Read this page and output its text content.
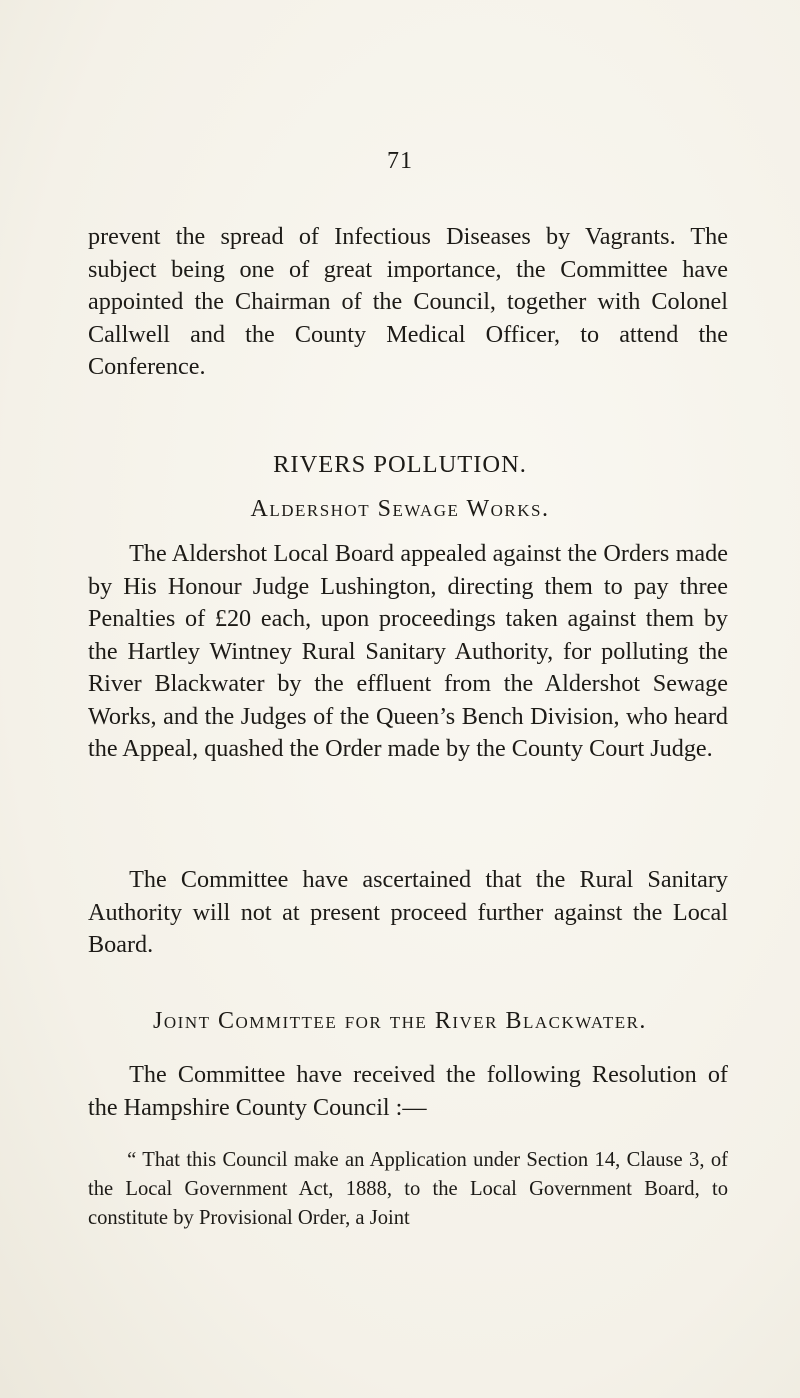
71
prevent the spread of Infectious Diseases by Vagrants. The subject being one of great importance, the Committee have appointed the Chairman of the Council, together with Colonel Callwell and the County Medical Officer, to attend the Conference.
RIVERS POLLUTION.
Aldershot Sewage Works.
The Aldershot Local Board appealed against the Orders made by His Honour Judge Lushington, directing them to pay three Penalties of £20 each, upon proceedings taken against them by the Hartley Wintney Rural Sanitary Authority, for polluting the River Blackwater by the effluent from the Aldershot Sewage Works, and the Judges of the Queen’s Bench Division, who heard the Appeal, quashed the Order made by the County Court Judge.
The Committee have ascertained that the Rural Sanitary Authority will not at present proceed further against the Local Board.
Joint Committee for the River Blackwater.
The Committee have received the following Resolution of the Hampshire County Council :—
“ That this Council make an Application under Section 14, Clause 3, of the Local Government Act, 1888, to the Local Government Board, to constitute by Provisional Order, a Joint
